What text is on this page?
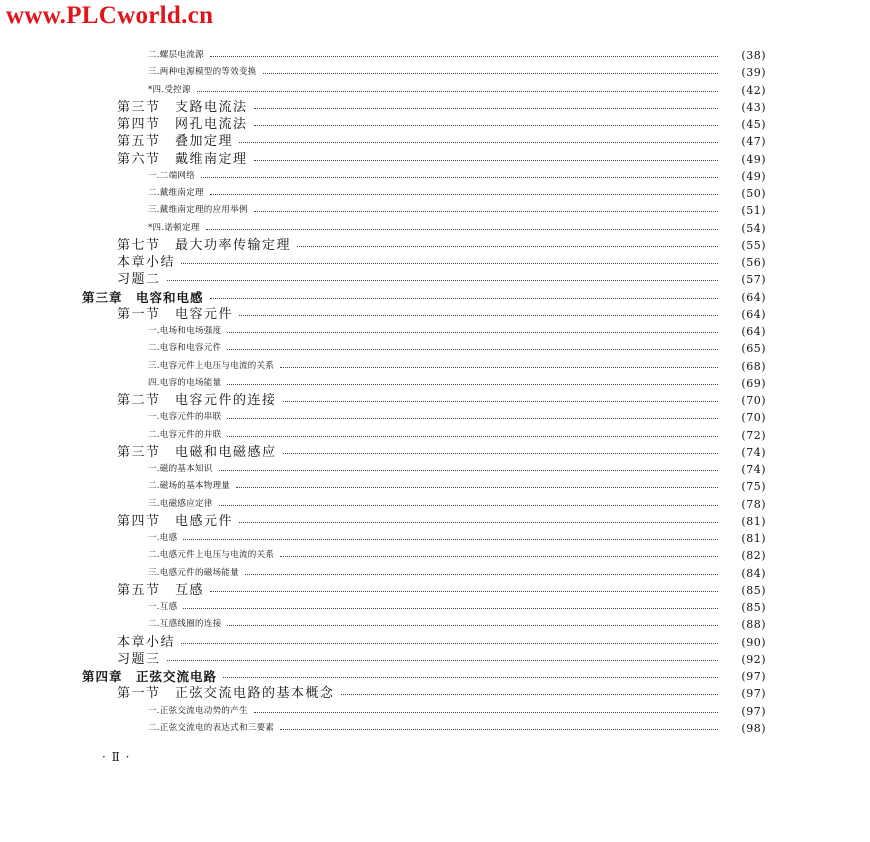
www.PLCworld.cn
二.螺层电流源	(38)
三.两种电源模型的等效变换	(39)
*四.受控源	(42)
第三节　支路电流法	(43)
第四节　网孔电流法	(45)
第五节　叠加定理	(47)
第六节　戴维南定理	(49)
一.二端网络	(49)
二.戴维南定理	(50)
三.戴维南定理的应用举例	(51)
*四.诺顿定理	(54)
第七节　最大功率传输定理	(55)
本章小结	(56)
习题二	(57)
第三章　电容和电感	(64)
第一节　电容元件	(64)
一.电场和电场强度	(64)
二.电容和电容元件	(65)
三.电容元件上电压与电流的关系	(68)
四.电容的电场能量	(69)
第二节　电容元件的连接	(70)
一.电容元件的串联	(70)
二.电容元件的并联	(72)
第三节　电磁和电磁感应	(74)
一.磁的基本知识	(74)
二.磁场的基本物理量	(75)
三.电磁感应定律	(78)
第四节　电感元件	(81)
一.电感	(81)
二.电感元件上电压与电流的关系	(82)
三.电感元件的磁场能量	(84)
第五节　互感	(85)
一.互感	(85)
二.互感线圈的连接	(88)
本章小结	(90)
习题三	(92)
第四章　正弦交流电路	(97)
第一节　正弦交流电路的基本概念	(97)
一.正弦交流电动势的产生	(97)
二.正弦交流电的表达式和三要素	(98)
· Ⅱ ·
